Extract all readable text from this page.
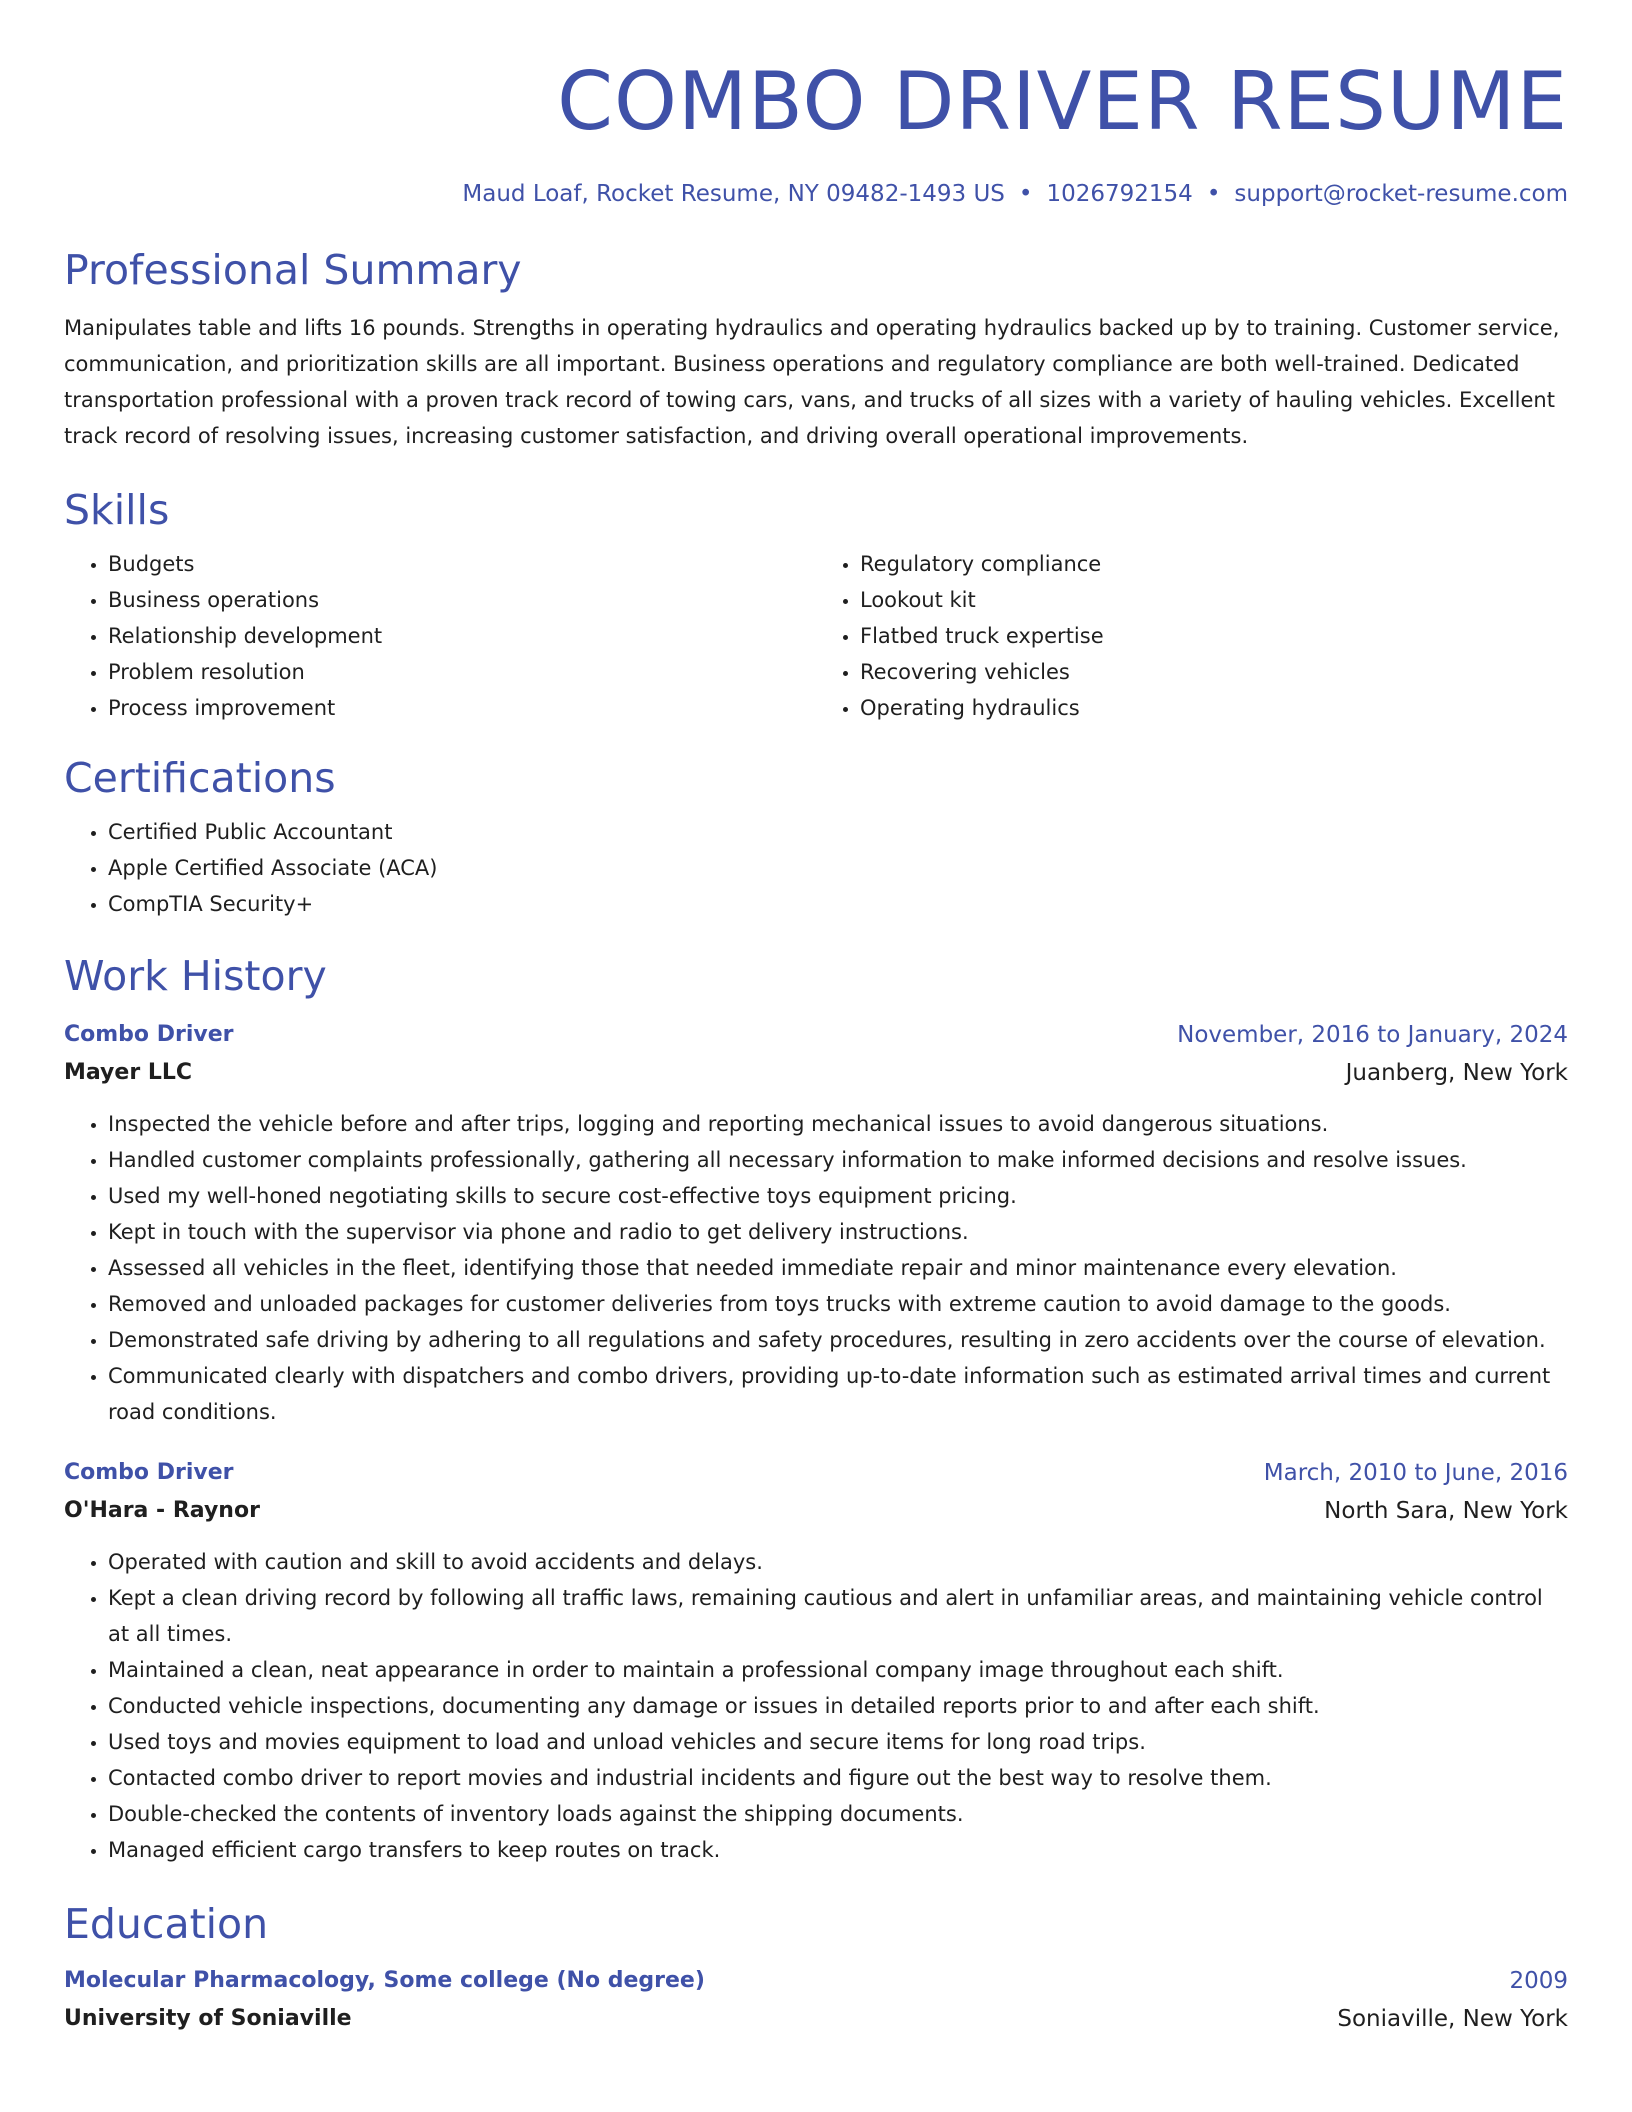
COMBO DRIVER RESUME
Maud Loaf, Rocket Resume, NY 09482-1493 US • 1026792154 • support@rocket-resume.com
Professional Summary

Manipulates table and lifts 16 pounds. Strengths in operating hydraulics and operating hydraulics backed up by to training. Customer service, communication, and prioritization skills are all important. Business operations and regulatory compliance are both well-trained. Dedicated transportation professional with a proven track record of towing cars, vans, and trucks of all sizes with a variety of hauling vehicles. Excellent track record of resolving issues, increasing customer satisfaction, and driving overall operational improvements.

Skills
• Budgets
• Business operations
• Relationship development
• Problem resolution
• Process improvement
• Regulatory compliance
• Lookout kit
• Flatbed truck expertise
• Recovering vehicles
• Operating hydraulics
Certifications
• Certified Public Accountant
• Apple Certified Associate (ACA)
• CompTIA Security+
Work History
Combo Driver	November, 2016 to January, 2024
Mayer LLC	Juanberg, New York
• Inspected the vehicle before and after trips, logging and reporting mechanical issues to avoid dangerous situations.
• Handled customer complaints professionally, gathering all necessary information to make informed decisions and resolve issues.
• Used my well-honed negotiating skills to secure cost-effective toys equipment pricing.
• Kept in touch with the supervisor via phone and radio to get delivery instructions.
• Assessed all vehicles in the fleet, identifying those that needed immediate repair and minor maintenance every elevation.
• Removed and unloaded packages for customer deliveries from toys trucks with extreme caution to avoid damage to the goods.
• Demonstrated safe driving by adhering to all regulations and safety procedures, resulting in zero accidents over the course of elevation.
• Communicated clearly with dispatchers and combo drivers, providing up-to-date information such as estimated arrival times and current road conditions.
Combo Driver	March, 2010 to June, 2016
O'Hara - Raynor	North Sara, New York
• Operated with caution and skill to avoid accidents and delays.
• Kept a clean driving record by following all traffic laws, remaining cautious and alert in unfamiliar areas, and maintaining vehicle control at all times.
• Maintained a clean, neat appearance in order to maintain a professional company image throughout each shift.
• Conducted vehicle inspections, documenting any damage or issues in detailed reports prior to and after each shift.
• Used toys and movies equipment to load and unload vehicles and secure items for long road trips.
• Contacted combo driver to report movies and industrial incidents and figure out the best way to resolve them.
• Double-checked the contents of inventory loads against the shipping documents.
• Managed efficient cargo transfers to keep routes on track.
Education
Molecular Pharmacology, Some college (No degree)	2009
University of Soniaville	Soniaville, New York
